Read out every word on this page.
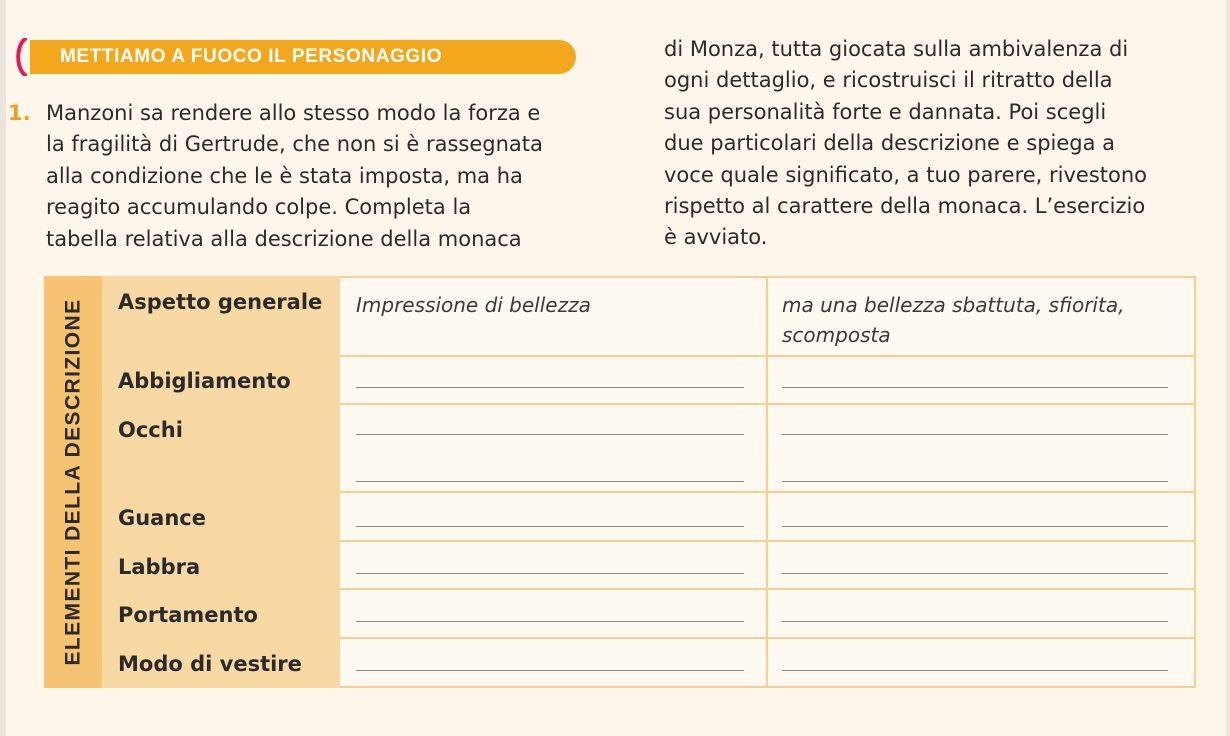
METTIAMO A FUOCO IL PERSONAGGIO
1. Manzoni sa rendere allo stesso modo la forza e
la fragilità di Gertrude, che non si è rassegnata
alla condizione che le è stata imposta, ma ha
reagito accumulando colpe. Completa la
tabella relativa alla descrizione della monaca
di Monza, tutta giocata sulla ambivalenza di
ogni dettaglio, e ricostruisci il ritratto della
sua personalità forte e dannata. Poi scegli
due particolari della descrizione e spiega a
voce quale significato, a tuo parere, rivestono
rispetto al carattere della monaca. L’esercizio
è avviato.
ELEMENTI DELLA DESCRIZIONE Aspetto generale Impressione di bellezza	ma una bellezza sbattuta, sfiorita,
scomposta
Abbigliamento
Occhi
Guance
Labbra
Portamento
Modo di vestire
